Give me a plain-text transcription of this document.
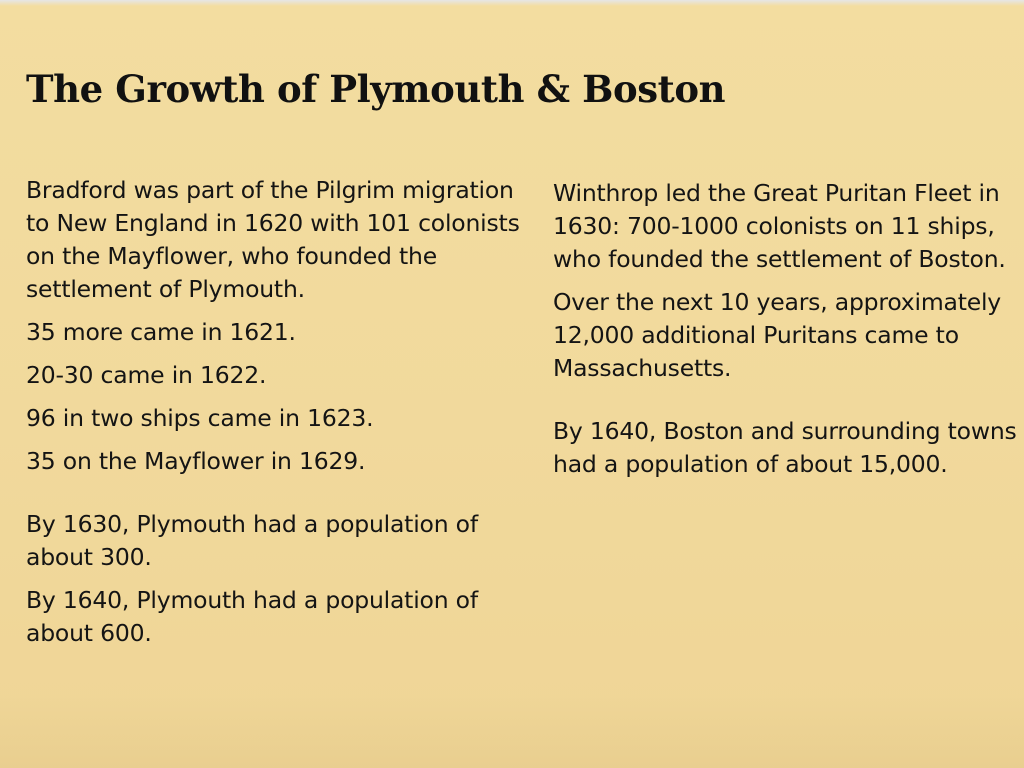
The Growth of Plymouth & Boston

Bradford was part of the Pilgrim migration to New England in 1620 with 101 colonists on the Mayflower, who founded the settlement of Plymouth.

35 more came in 1621.

20-30 came in 1622.

96 in two ships came in 1623.

35 on the Mayflower in 1629.

By 1630, Plymouth had a population of about 300.

By 1640, Plymouth had a population of about 600.

Winthrop led the Great Puritan Fleet in 1630: 700-1000 colonists on 11 ships, who founded the settlement of Boston.

Over the next 10 years, approximately 12,000 additional Puritans came to Massachusetts.

By 1640, Boston and surrounding towns had a population of about 15,000.
